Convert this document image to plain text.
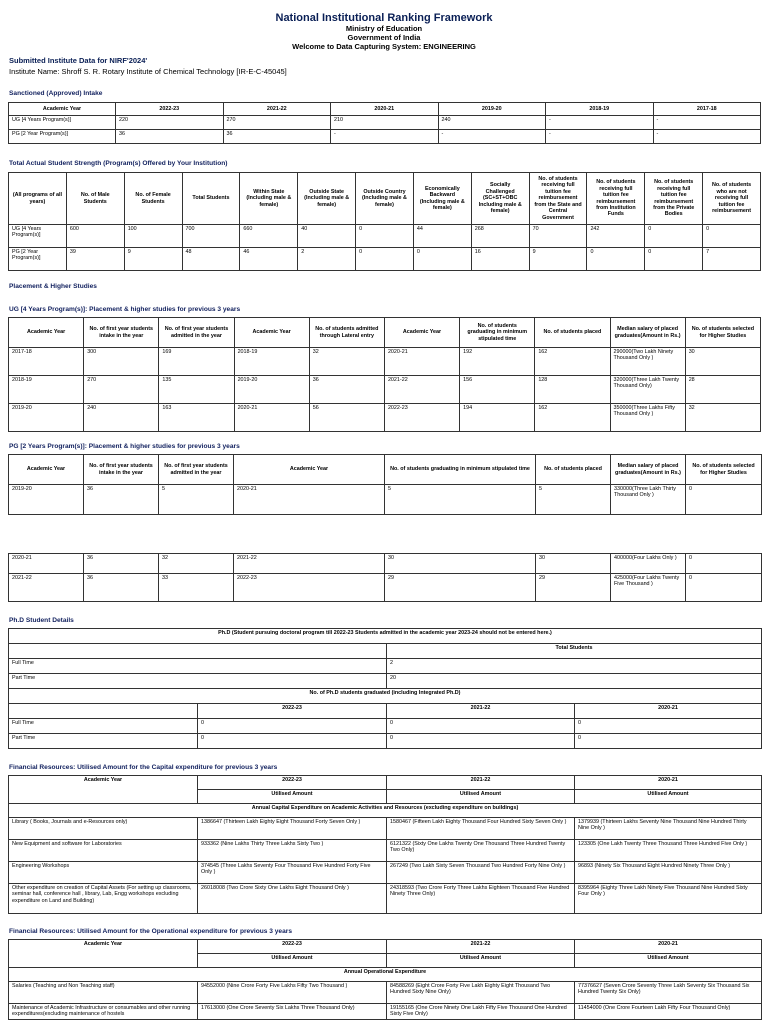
National Institutional Ranking Framework
Ministry of Education
Government of India
Welcome to Data Capturing System: ENGINEERING
Submitted Institute Data for NIRF'2024'
Institute Name: Shroff S. R. Rotary Institute of Chemical Technology [IR-E-C-45045]
Sanctioned (Approved) Intake
Academic Year	2022-23	2021-22	2020-21	2019-20	2018-19	2017-18
UG [4 Years Program(s)]	220	270	210	240	-	-
PG [2 Year Program(s)]	36	36	-	-	-	-
Total Actual Student Strength (Program(s) Offered by Your Institution)
(All programs of all years)	No. of Male Students	No. of Female Students	Total Students	Within State (Including male & female)	Outside State (Including male & female)	Outside Country (Including male & female)	Economically Backward (Including male & female)	Socially Challenged (SC+ST+OBC Including male & female)	No. of students receiving full tuition fee reimbursement from the State and Central Government	No. of students receiving full tuition fee reimbursement from Institution Funds	No. of students receiving full tuition fee reimbursement from the Private Bodies	No. of students who are not receiving full tuition fee reimbursement
UG [4 Years Program(s)]	600	100	700	660	40	0	44	268	70	242	0	0
PG [2 Year Program(s)]	39	9	48	46	2	0	0	16	9	0	0	7
Placement & Higher Studies
UG [4 Years Program(s)]: Placement & higher studies for previous 3 years
Academic Year	No. of first year students intake in the year	No. of first year students admitted in the year	Academic Year	No. of students admitted through Lateral entry	Academic Year	No. of students graduating in minimum stipulated time	No. of students placed	Median salary of placed graduates(Amount in Rs.)	No. of students selected for Higher Studies
2017-18	300	169	2018-19	32	2020-21	192	162	290000(Two Lakh Ninety Thousand Only )	30
2018-19	270	135	2019-20	36	2021-22	156	128	320000(Three Lakh Twenty Thousand Only)	28
2019-20	240	163	2020-21	56	2022-23	194	162	350000(Three Lakhs Fifty Thousand Only )	32
PG [2 Years Program(s)]: Placement & higher studies for previous 3 years
Academic Year	No. of first year students intake in the year	No. of first year students admitted in the year	Academic Year	No. of students graduating in minimum stipulated time	No. of students placed	Median salary of placed graduates(Amount in Rs.)	No. of students selected for Higher Studies
2019-20	36	5	2020-21	5	5	330000(Three Lakh Thirty Thousand Only )	0
2020-21	36	32	2021-22	30	30	400000(Four Lakhs Only )	0
2021-22	36	33	2022-23	29	29	425000(Four Lakhs Twenty Five Thousand )	0
Ph.D Student Details
Ph.D (Student pursuing doctoral program till 2022-23 Students admitted in the academic year 2023-24 should not be entered here.)			
		Total Students	
Full Time		2	
Part Time		20	
No. of Ph.D students graduated (including Integrated Ph.D)			
	2022-23	2021-22	2020-21
Full Time	0	0	0
Part Time	0	0	0
Financial Resources: Utilised Amount for the Capital expenditure for previous 3 years
Academic Year	2022-23	2021-22	2020-21
	Utilised Amount	Utilised Amount	Utilised Amount
Annual Capital Expenditure on Academic Activities and Resources (excluding expenditure on buildings)			
Library ( Books, Journals and e-Resources only)	1386647 (Thirteen Lakh Eighty Eight Thousand Forty Seven Only )	1580467 (Fifteen Lakh Eighty Thousand Four Hundred Sixty Seven Only )	1379939 (Thirteen Lakhs Seventy Nine Thousand Nine Hundred Thirty Nine Only )
New Equipment and software for Laboratories	933362 (Nine Lakhs Thirty Three Lakhs Sixty Two )	6121322 (Sixty One Lakhs Twenty One Thousand Three Hundred Twenty Two Only)	123305 (One Lakh Twenty Three Thousand Three Hundred Five Only )
Engineering Workshops	374545 (Three Lakhs Seventy Four Thousand Five Hundred Forty Five Only )	267249 (Two Lakh Sixty Seven Thousand Two Hundred Forty Nine Only )	96893 (Ninety Six Thousand Eight Hundred Ninety Three Only )
Other expenditure on creation of Capital Assets (For setting up classrooms, seminar hall, conference hall , library, Lab, Engg workshops excluding expenditure on Land and Building)	26018008 (Two Crore Sixty One Lakhs Eight Thousand Only )	24318593 (Two Crore Forty Three Lakhs Eighteen Thousand Five Hundred Ninety Three Only)	8395964 (Eighty Three Lakh Ninety Five Thousand Nine Hundred Sixty Four Only )
Financial Resources: Utilised Amount for the Operational expenditure for previous 3 years
Academic Year	2022-23	2021-22	2020-21
	Utilised Amount	Utilised Amount	Utilised Amount
Annual Operational Expenditure			
Salaries (Teaching and Non Teaching staff)	94552000 (Nine Crore Forty Five Lakhs Fifty Two Thousand )	84588269 (Eight Crore Forty Five Lakh Eighty Eight Thousand Two Hundred Sixty Nine Only)	77376627 (Seven Crore Seventy Three Lakh Seventy Six Thousand Six Hundred Twenty Six Only)
Maintenance of Academic Infrastructure or consumables and other running expenditures(excluding maintenance of hostels	17613000 (One Crore Seventy Six Lakhs Three Thousand Only)	19155165 (One Crore Ninety One Lakh Fifty Five Thousand One Hundred Sixty Five Only)	11454000 (One Crore Fourteen Lakh Fifty Four Thousand Only)
